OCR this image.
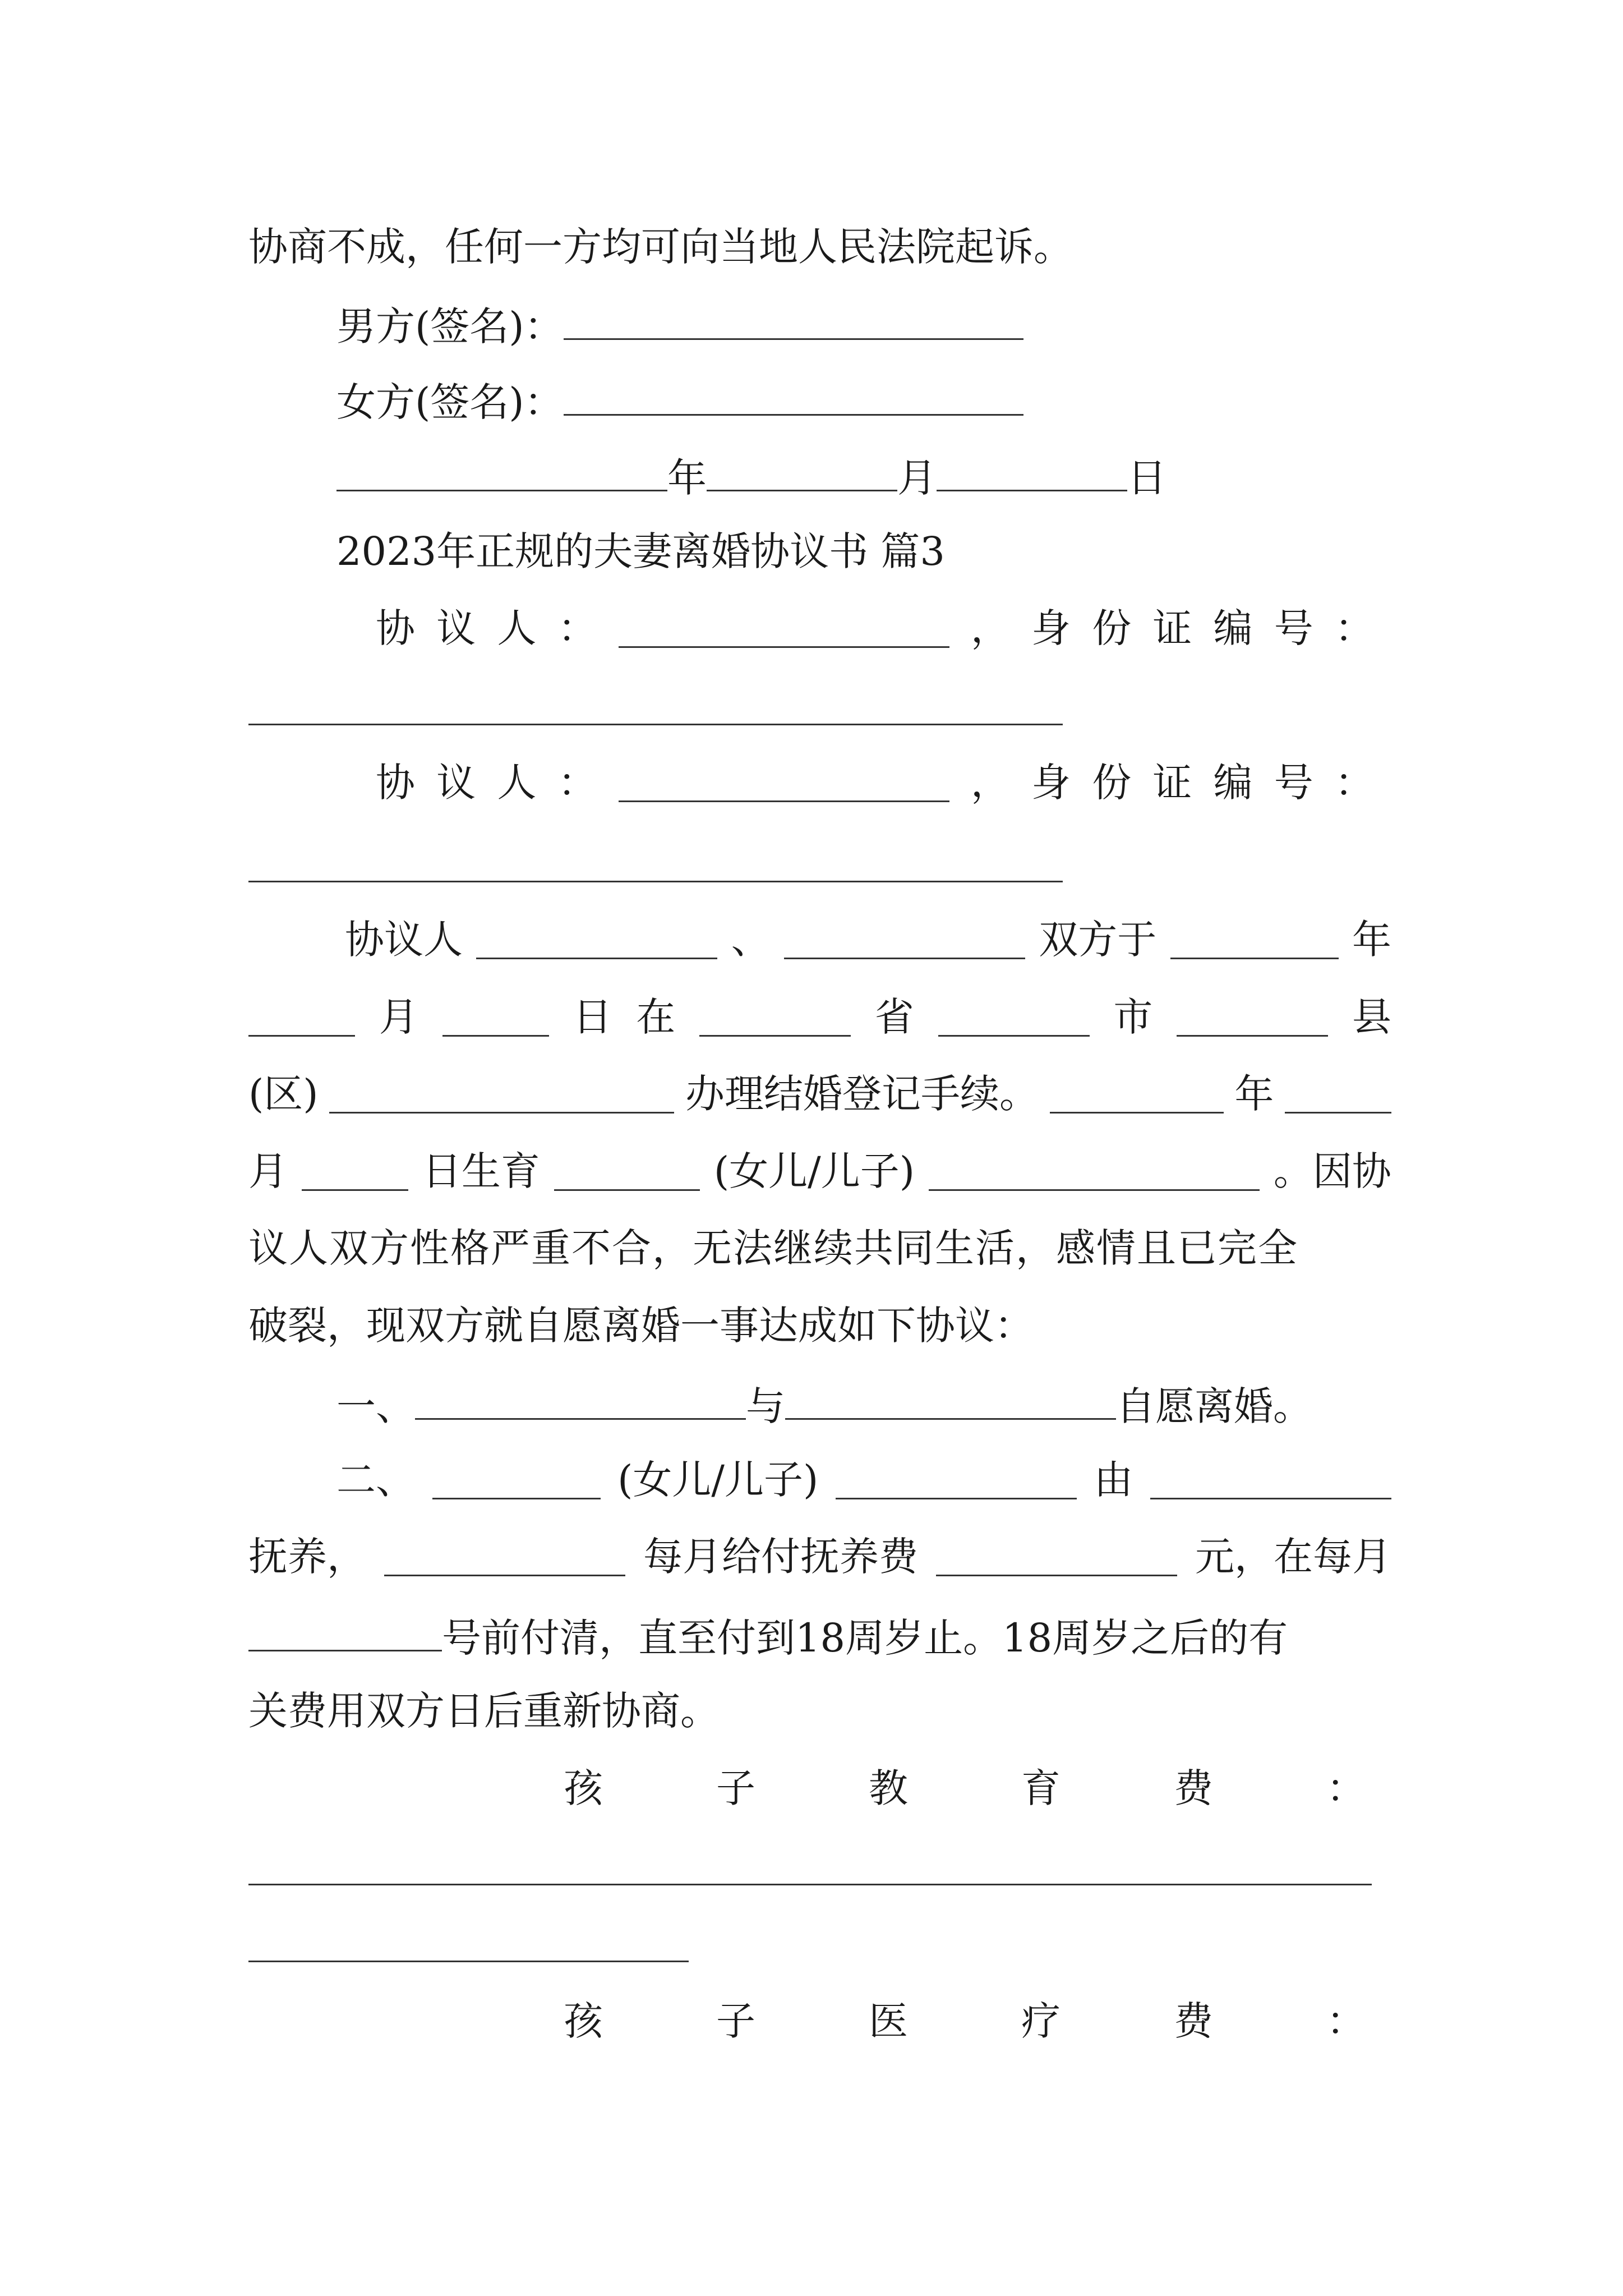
协商不成，任何一方均可向当地人民法院起诉。
男方(签名)：
女方(签名)：
年	月	日
2023年正规的夫妻离婚协议书 篇3
协 议 人 ：	， 身 份 证 编 号 ：
协 议 人 ：	， 身 份 证 编 号 ：
协议人	、	双方于	年
月	日 在	省	市	县
(区)	办理结婚登记手续。	年
月	日生育	(女儿/儿子)	。因协
议人双方性格严重不合，无法继续共同生活，感情且已完全
破裂，现双方就自愿离婚一事达成如下协议：
一、	与	自愿离婚。
二、	(女儿/儿子)	由
抚养，	每月给付抚养费	元，在每月
号前付清，直至付到18周岁止。18周岁之后的有
关费用双方日后重新协商。
孩	子	教	育	费	：
孩	子	医	疗	费	：
